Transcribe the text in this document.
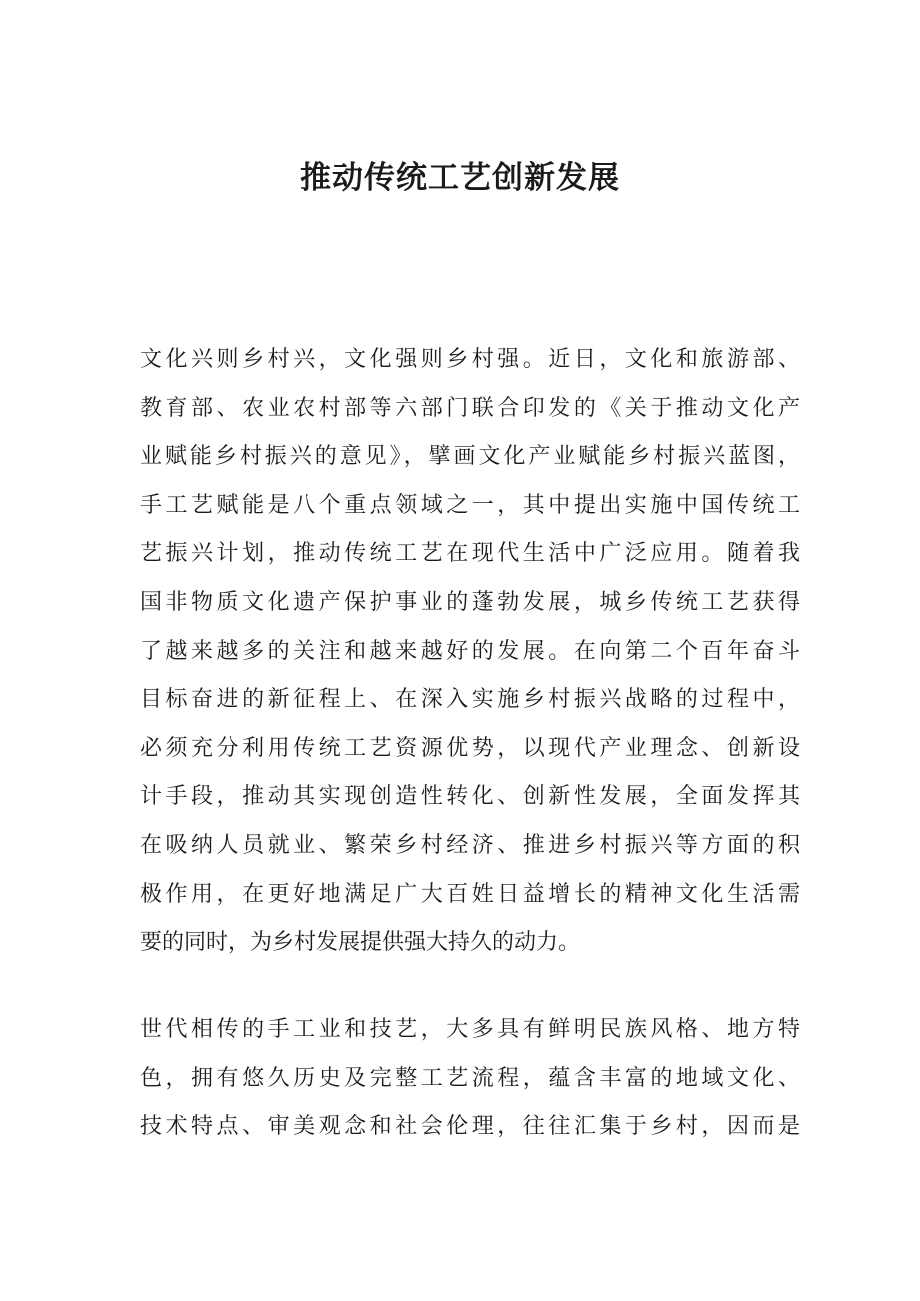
推动传统工艺创新发展
文化兴则乡村兴，文化强则乡村强。近日，文化和旅游部、
教育部、农业农村部等六部门联合印发的《关于推动文化产
业赋能乡村振兴的意见》，擘画文化产业赋能乡村振兴蓝图，
手工艺赋能是八个重点领域之一，其中提出实施中国传统工
艺振兴计划，推动传统工艺在现代生活中广泛应用。随着我
国非物质文化遗产保护事业的蓬勃发展，城乡传统工艺获得
了越来越多的关注和越来越好的发展。在向第二个百年奋斗
目标奋进的新征程上、在深入实施乡村振兴战略的过程中，
必须充分利用传统工艺资源优势，以现代产业理念、创新设
计手段，推动其实现创造性转化、创新性发展，全面发挥其
在吸纳人员就业、繁荣乡村经济、推进乡村振兴等方面的积
极作用，在更好地满足广大百姓日益增长的精神文化生活需
要的同时，为乡村发展提供强大持久的动力。
世代相传的手工业和技艺，大多具有鲜明民族风格、地方特
色，拥有悠久历史及完整工艺流程，蕴含丰富的地域文化、
技术特点、审美观念和社会伦理，往往汇集于乡村，因而是
